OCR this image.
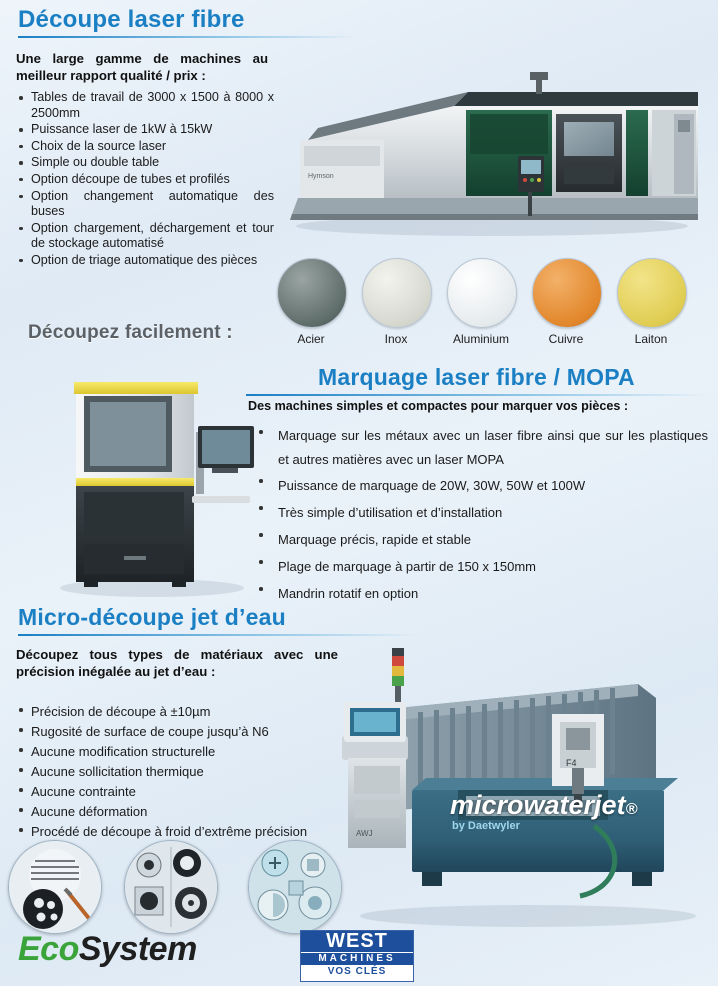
Découpe laser fibre
Une large gamme de machines au meilleur rapport qualité / prix :
Tables de travail de 3000 x 1500 à 8000 x 2500mm
Puissance laser de 1kW à 15kW
Choix de la source laser
Simple ou double table
Option découpe de tubes et profilés
Option changement automatique des buses
Option chargement, déchargement et tour de stockage automatisé
Option de triage automatique des pièces
Hymson
Acier	Inox	Aluminium	Cuivre	Laiton
Découpez facilement :
Marquage laser fibre / MOPA
Des machines simples et compactes pour marquer vos pièces :
Marquage sur les métaux avec un laser fibre ainsi que sur les plastiques et autres matières avec un laser MOPA
Puissance de marquage de 20W, 30W, 50W et 100W
Très simple d’utilisation et d’installation
Marquage précis, rapide et stable
Plage de marquage à partir de 150 x 150mm
Mandrin rotatif en option
Micro-découpe jet d’eau
Découpez tous types de matériaux avec une précision inégalée au jet d’eau :
Précision de découpe à ±10µm
Rugosité de surface de coupe jusqu’à N6
Aucune modification structurelle
Aucune sollicitation thermique
Aucune contrainte
Aucune déformation
Procédé de découpe à froid d’extrême précision	AWJ
F4
microwaterjet®
by Daetwyler
EcoSystem	WEST
MACHINES
VOS CLÉS
